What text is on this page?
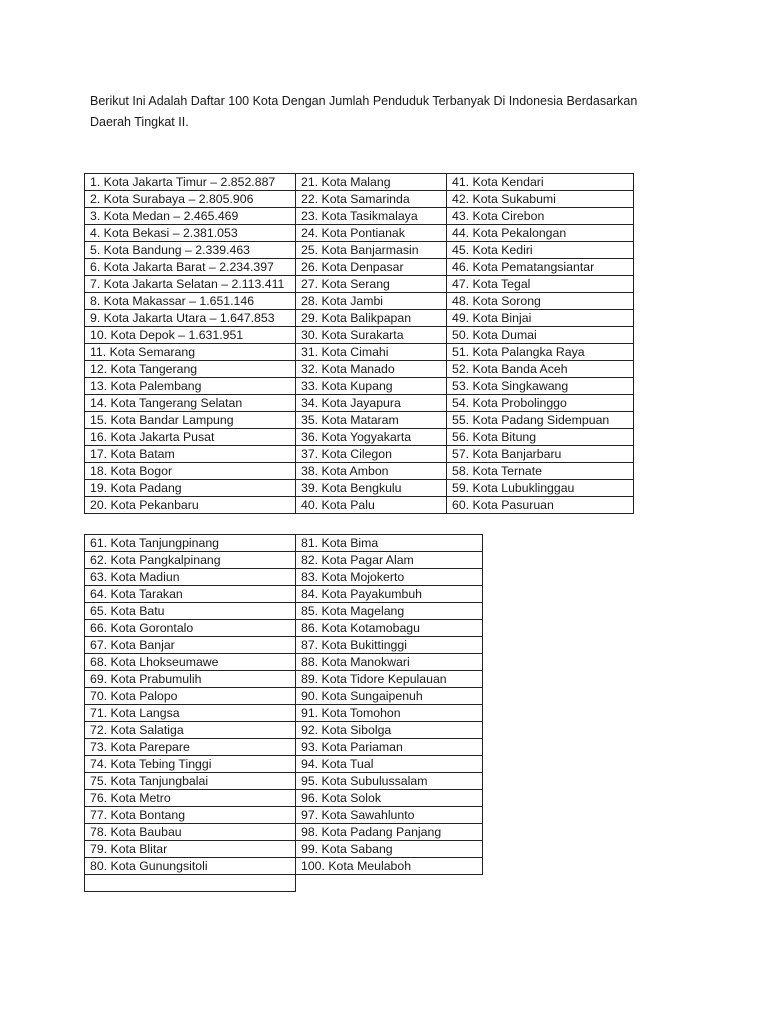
Berikut Ini Adalah Daftar 100 Kota Dengan Jumlah Penduduk Terbanyak Di Indonesia Berdasarkan
Daerah Tingkat II.

1. Kota Jakarta Timur – 2.852.887	21. Kota Malang	41. Kota Kendari
2. Kota Surabaya – 2.805.906	22. Kota Samarinda	42. Kota Sukabumi
3. Kota Medan – 2.465.469	23. Kota Tasikmalaya	43. Kota Cirebon
4. Kota Bekasi – 2.381.053	24. Kota Pontianak	44. Kota Pekalongan
5. Kota Bandung – 2.339.463	25. Kota Banjarmasin	45. Kota Kediri
6. Kota Jakarta Barat – 2.234.397	26. Kota Denpasar	46. Kota Pematangsiantar
7. Kota Jakarta Selatan – 2.113.411	27. Kota Serang	47. Kota Tegal
8. Kota Makassar – 1.651.146	28. Kota Jambi	48. Kota Sorong
9. Kota Jakarta Utara – 1.647.853	29. Kota Balikpapan	49. Kota Binjai
10. Kota Depok – 1.631.951	30. Kota Surakarta	50. Kota Dumai
11. Kota Semarang	31. Kota Cimahi	51. Kota Palangka Raya
12. Kota Tangerang	32. Kota Manado	52. Kota Banda Aceh
13. Kota Palembang	33. Kota Kupang	53. Kota Singkawang
14. Kota Tangerang Selatan	34. Kota Jayapura	54. Kota Probolinggo
15. Kota Bandar Lampung	35. Kota Mataram	55. Kota Padang Sidempuan
16. Kota Jakarta Pusat	36. Kota Yogyakarta	56. Kota Bitung
17. Kota Batam	37. Kota Cilegon	57. Kota Banjarbaru
18. Kota Bogor	38. Kota Ambon	58. Kota Ternate
19. Kota Padang	39. Kota Bengkulu	59. Kota Lubuklinggau
20. Kota Pekanbaru	40. Kota Palu	60. Kota Pasuruan
61. Kota Tanjungpinang	81. Kota Bima
62. Kota Pangkalpinang	82. Kota Pagar Alam
63. Kota Madiun	83. Kota Mojokerto
64. Kota Tarakan	84. Kota Payakumbuh
65. Kota Batu	85. Kota Magelang
66. Kota Gorontalo	86. Kota Kotamobagu
67. Kota Banjar	87. Kota Bukittinggi
68. Kota Lhokseumawe	88. Kota Manokwari
69. Kota Prabumulih	89. Kota Tidore Kepulauan
70. Kota Palopo	90. Kota Sungaipenuh
71. Kota Langsa	91. Kota Tomohon
72. Kota Salatiga	92. Kota Sibolga
73. Kota Parepare	93. Kota Pariaman
74. Kota Tebing Tinggi	94. Kota Tual
75. Kota Tanjungbalai	95. Kota Subulussalam
76. Kota Metro	96. Kota Solok
77. Kota Bontang	97. Kota Sawahlunto
78. Kota Baubau	98. Kota Padang Panjang
79. Kota Blitar	99. Kota Sabang
80. Kota Gunungsitoli	100. Kota Meulaboh
